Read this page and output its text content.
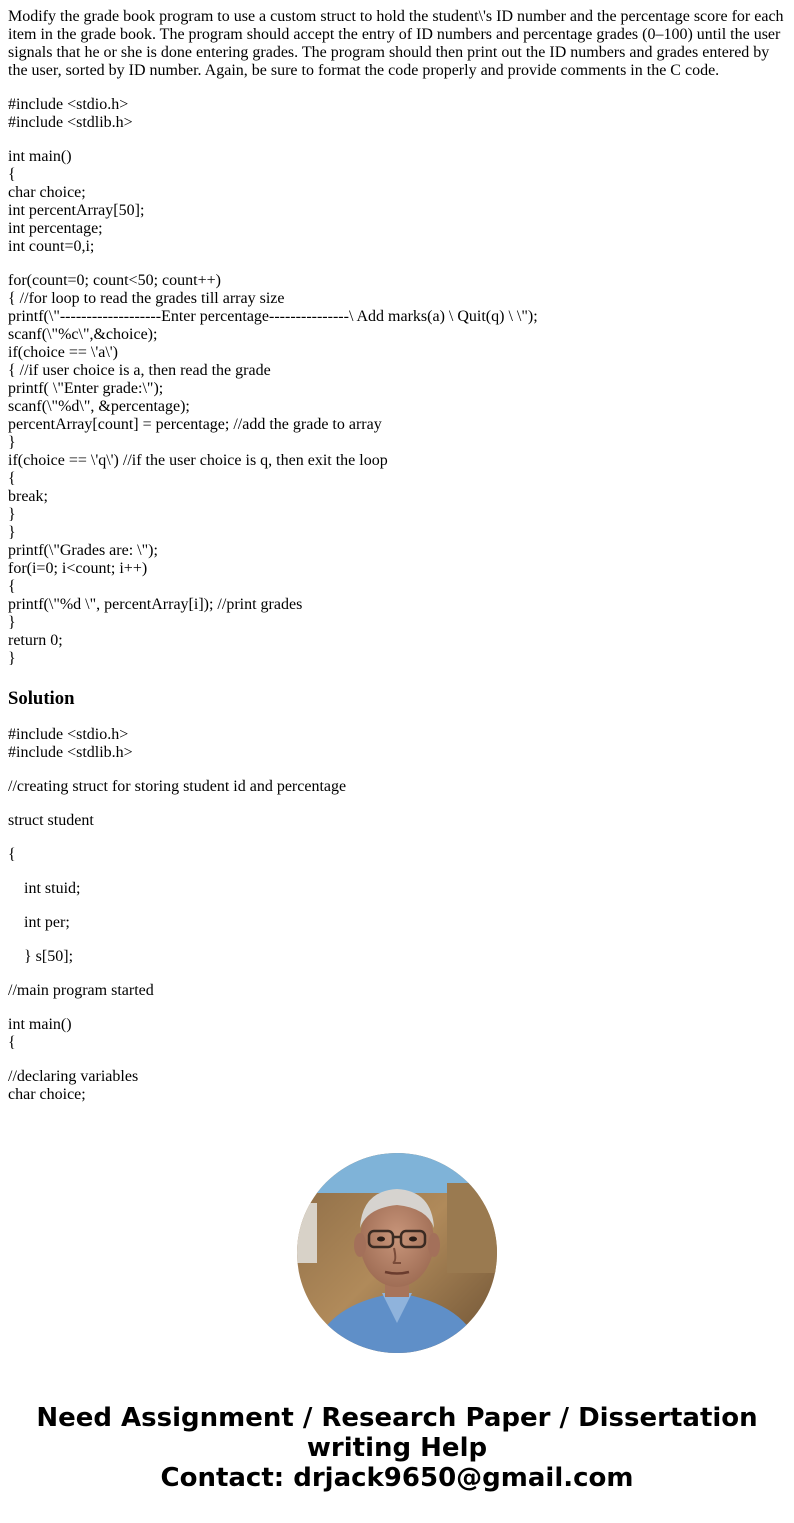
Modify the grade book program to use a custom struct to hold the student\'s ID number and the percentage score for each item in the grade book. The program should accept the entry of ID numbers and percentage grades (0–100) until the user signals that he or she is done entering grades. The program should then print out the ID numbers and grades entered by the user, sorted by ID number. Again, be sure to format the code properly and provide comments in the C code.
#include <stdio.h>
#include <stdlib.h>
int main()
{
char choice;
int percentArray[50];
int percentage;
int count=0,i;
for(count=0; count<50; count++)
{ //for loop to read the grades till array size
printf(\"-------------------Enter percentage---------------\ Add marks(a) \ Quit(q) \ \");
scanf(\"%c\",&choice);
if(choice == \'a\')
{ //if user choice is a, then read the grade
printf( \"Enter grade:\");
scanf(\"%d\", &percentage);
percentArray[count] = percentage; //add the grade to array
}
if(choice == \'q\') //if the user choice is q, then exit the loop
{
break;
}
}
printf(\"Grades are: \");
for(i=0; i<count; i++)
{
printf(\"%d \", percentArray[i]); //print grades
}
return 0;
}
Solution
#include <stdio.h>
#include <stdlib.h>
//creating struct for storing student id and percentage
struct student
{
int stuid;
int per;
} s[50];
//main program started
int main()
{
//declaring variables
char choice;
Need Assignment / Research Paper / Dissertation
writing Help
Contact: drjack9650@gmail.com
